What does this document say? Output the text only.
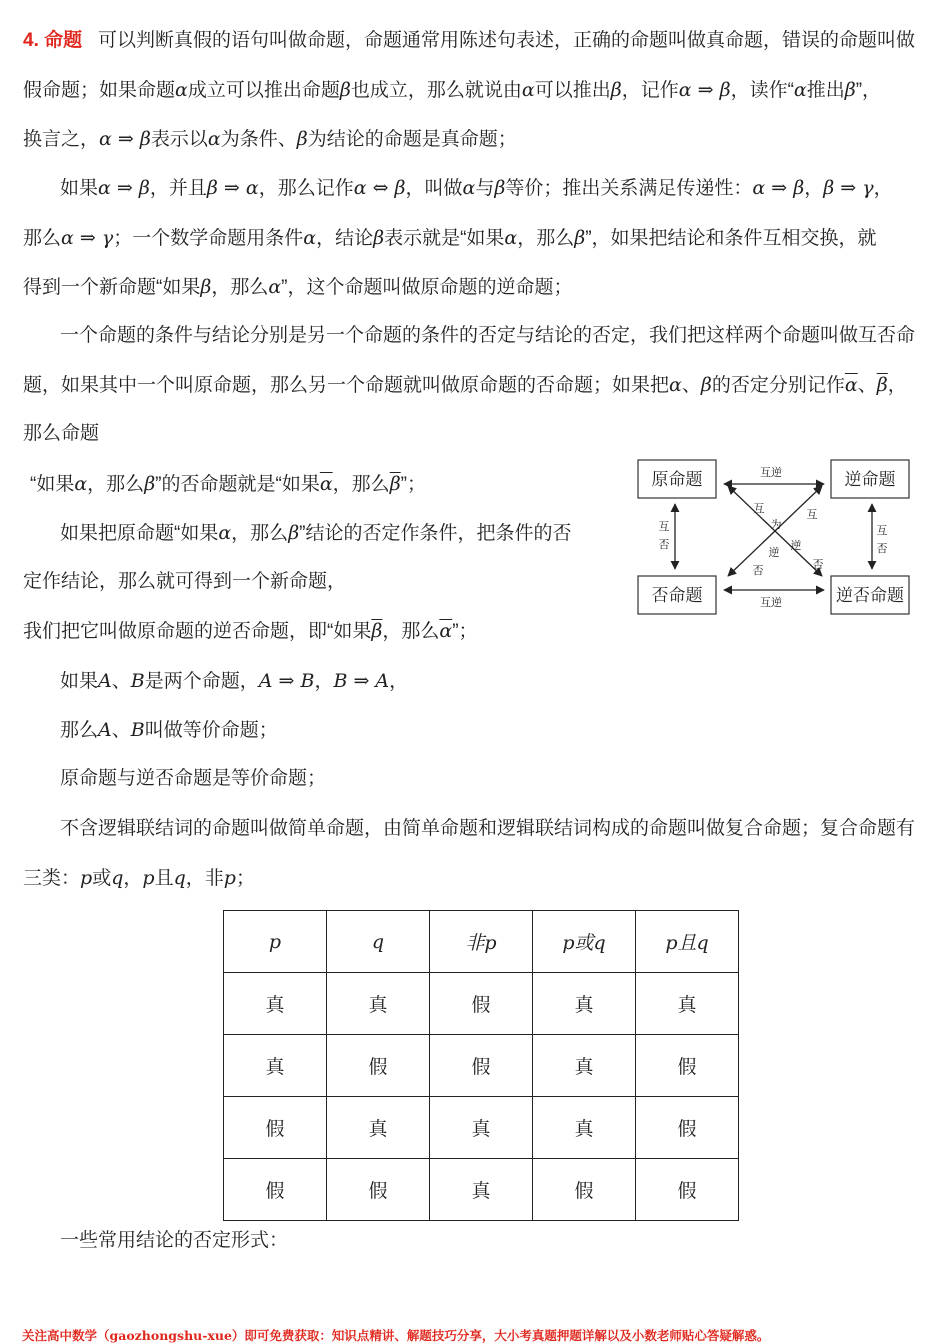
4. 命题 可以判断真假的语句叫做命题，命题通常用陈述句表述，正确的命题叫做真命题，错误的命题叫做
假命题；如果命题α成立可以推出命题β也成立，那么就说由α可以推出β，记作α ⇒ β，读作“α推出β”，
换言之，α ⇒ β表示以α为条件、β为结论的命题是真命题；
如果α ⇒ β，并且β ⇒ α，那么记作α ⇔ β，叫做α与β等价；推出关系满足传递性：α ⇒ β，β ⇒ γ，
那么α ⇒ γ；一个数学命题用条件α，结论β表示就是“如果α，那么β”，如果把结论和条件互相交换，就
得到一个新命题“如果β，那么α”，这个命题叫做原命题的逆命题；
一个命题的条件与结论分别是另一个命题的条件的否定与结论的否定，我们把这样两个命题叫做互否命
题，如果其中一个叫原命题，那么另一个命题就叫做原命题的否命题；如果把α、β的否定分别记作$\overline{\alpha}$、$\overline{\beta}$，
那么命题
“如果α，那么β”的否命题就是“如果$\overline{\alpha}$，那么$\overline{\beta}$”；
如果把原命题“如果α，那么β”结论的否定作条件，把条件的否
定作结论，那么就可得到一个新命题，
我们把它叫做原命题的逆否命题，即“如果$\overline{\beta}$，那么$\overline{\alpha}$”；
如果A、B是两个命题，A ⇒ B，B ⇒ A，
那么A、B叫做等价命题；
原命题与逆否命题是等价命题；
不含逻辑联结词的命题叫做简单命题，由简单命题和逻辑联结词构成的命题叫做复合命题；复合命题有
三类：p或q，p且q，非p；
原命题	逆命题
否命题	逆否命题
互逆
互逆
互
否
互
否
互
为
互
逆
逆
否	否
p	q	非p	p或q	p且q
真	真	假	真	真
真	假	假	真	假
假	真	真	真	假
假	假	真	假	假
一些常用结论的否定形式：
关注高中数学（gaozhongshu-xue）即可免费获取：知识点精讲、解题技巧分享，大小考真题押题详解以及小数老师贴心答疑解惑。
